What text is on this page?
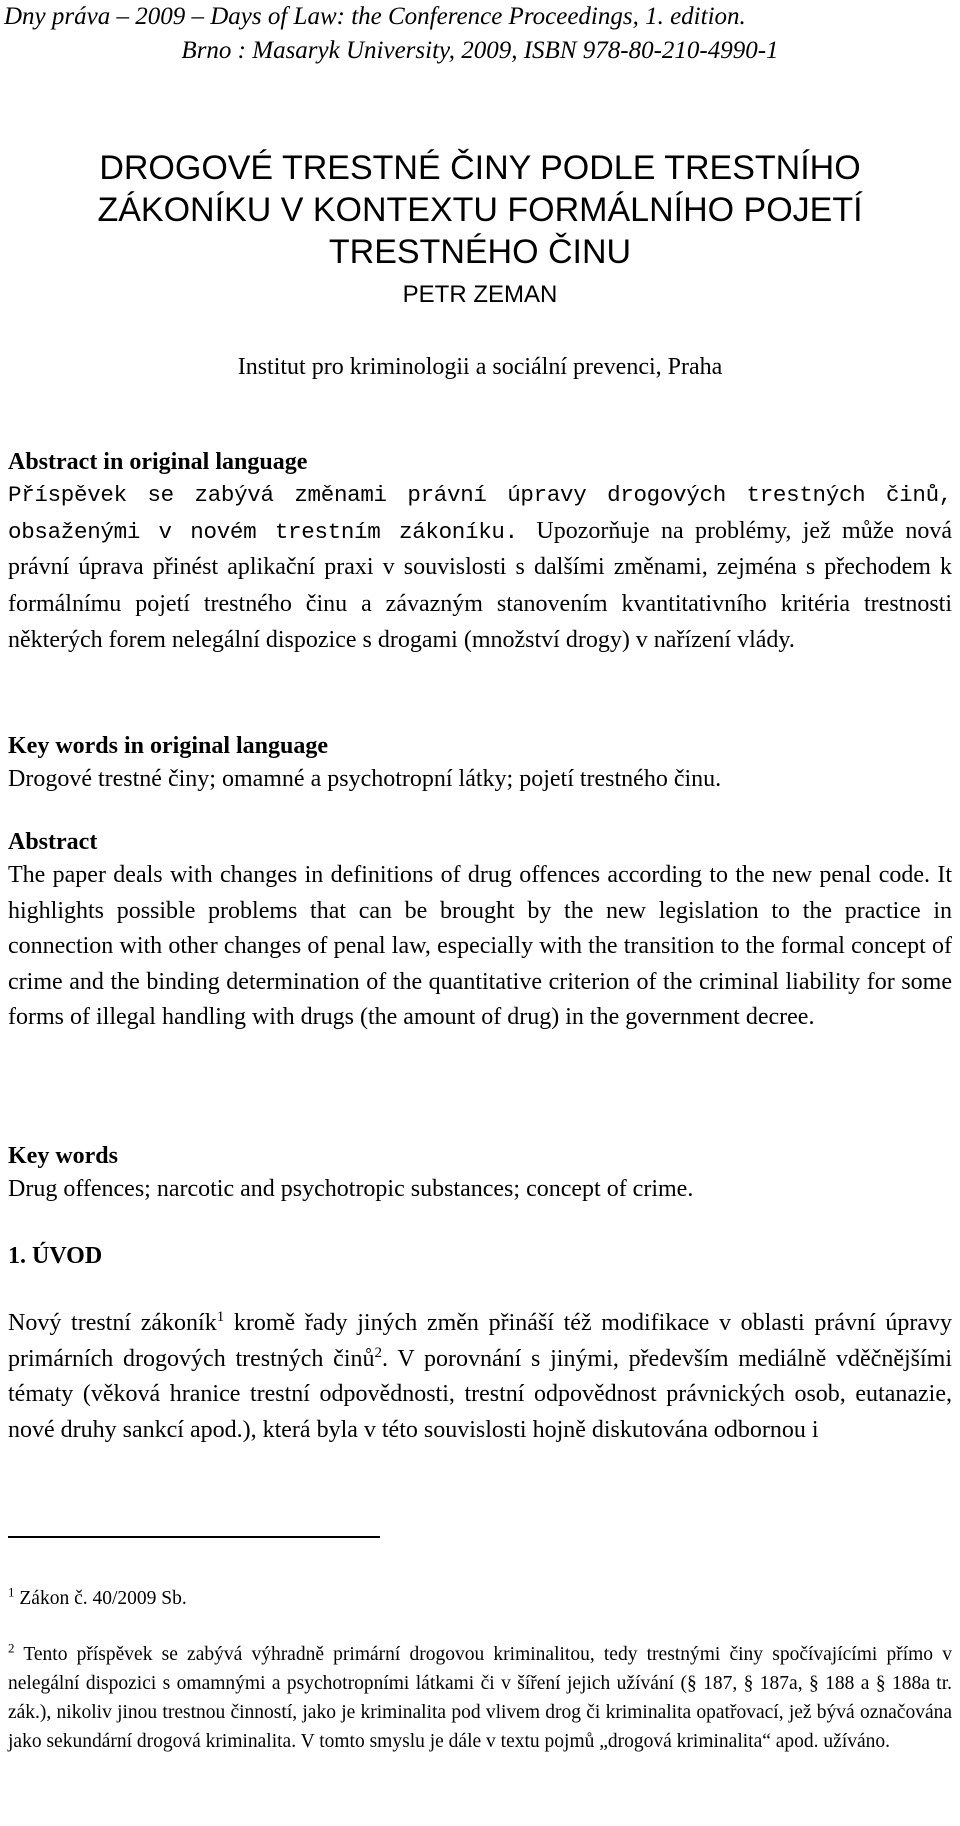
Dny práva – 2009 – Days of Law: the Conference Proceedings, 1. edition.
Brno : Masaryk University, 2009, ISBN 978-80-210-4990-1
DROGOVÉ TRESTNÉ ČINY PODLE TRESTNÍHO
ZÁKONÍKU V KONTEXTU FORMÁLNÍHO POJETÍ
TRESTNÉHO ČINU
PETR ZEMAN
Institut pro kriminologii a sociální prevenci, Praha

Abstract in original language

Příspěvek se zabývá změnami právní úpravy drogových trestných činů, obsaženými v novém trestním zákoníku. Upozorňuje na problémy, jež může nová právní úprava přinést aplikační praxi v souvislosti s dalšími změnami, zejména s přechodem k formálnímu pojetí trestného činu a závazným stanovením kvantitativního kritéria trestnosti některých forem nelegální dispozice s drogami (množství drogy) v nařízení vlády.

Key words in original language

Drogové trestné činy; omamné a psychotropní látky; pojetí trestného činu.

Abstract

The paper deals with changes in definitions of drug offences according to the new penal code. It highlights possible problems that can be brought by the new legislation to the practice in connection with other changes of penal law, especially with the transition to the formal concept of crime and the binding determination of the quantitative criterion of the criminal liability for some forms of illegal handling with drugs (the amount of drug) in the government decree.

Key words

Drug offences; narcotic and psychotropic substances; concept of crime.

1. ÚVOD

Nový trestní zákoník$^1$ kromě řady jiných změn přináší též modifikace v oblasti právní úpravy primárních drogových trestných činů$^2$. V porovnání s jinými, především mediálně vděčnějšími tématy (věková hranice trestní odpovědnosti, trestní odpovědnost právnických osob, eutanazie, nové druhy sankcí apod.), která byla v této souvislosti hojně diskutována odbornou i

$^1$ Zákon č. 40/2009 Sb.
$^2$ Tento příspěvek se zabývá výhradně primární drogovou kriminalitou, tedy trestnými činy spočívajícími přímo v nelegální dispozici s omamnými a psychotropními látkami či v šíření jejich užívání (§ 187, § 187a, § 188 a § 188a tr. zák.), nikoliv jinou trestnou činností, jako je kriminalita pod vlivem drog či kriminalita opatřovací, jež bývá označována jako sekundární drogová kriminalita. V tomto smyslu je dále v textu pojmů „drogová kriminalita“ apod. užíváno.
